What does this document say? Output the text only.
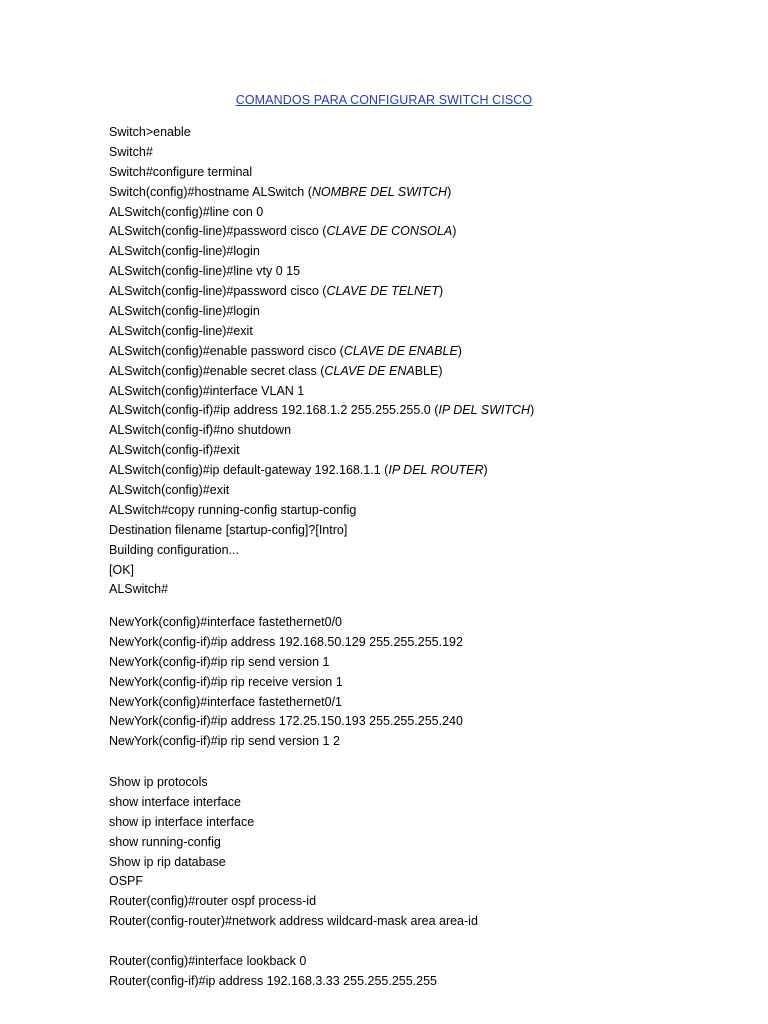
COMANDOS PARA CONFIGURAR SWITCH CISCO
Switch>enable
Switch#
Switch#configure terminal
Switch(config)#hostname ALSwitch (NOMBRE DEL SWITCH)
ALSwitch(config)#line con 0
ALSwitch(config-line)#password cisco (CLAVE DE CONSOLA)
ALSwitch(config-line)#login
ALSwitch(config-line)#line vty 0 15
ALSwitch(config-line)#password cisco (CLAVE DE TELNET)
ALSwitch(config-line)#login
ALSwitch(config-line)#exit
ALSwitch(config)#enable password cisco (CLAVE DE ENABLE)
ALSwitch(config)#enable secret class (CLAVE DE ENABLE)
ALSwitch(config)#interface VLAN 1
ALSwitch(config-if)#ip address 192.168.1.2 255.255.255.0 (IP DEL SWITCH)
ALSwitch(config-if)#no shutdown
ALSwitch(config-if)#exit
ALSwitch(config)#ip default-gateway 192.168.1.1 (IP DEL ROUTER)
ALSwitch(config)#exit
ALSwitch#copy running-config startup-config
Destination filename [startup-config]?[Intro]
Building configuration...
[OK]
ALSwitch#
NewYork(config)#interface fastethernet0/0
NewYork(config-if)#ip address 192.168.50.129 255.255.255.192
NewYork(config-if)#ip rip send version 1
NewYork(config-if)#ip rip receive version 1
NewYork(config)#interface fastethernet0/1
NewYork(config-if)#ip address 172.25.150.193 255.255.255.240
NewYork(config-if)#ip rip send version 1 2
Show ip protocols
show interface interface
show ip interface interface
show running-config
Show ip rip database
OSPF
Router(config)#router ospf process-id
Router(config-router)#network address wildcard-mask area area-id
Router(config)#interface lookback 0
Router(config-if)#ip address 192.168.3.33 255.255.255.255
